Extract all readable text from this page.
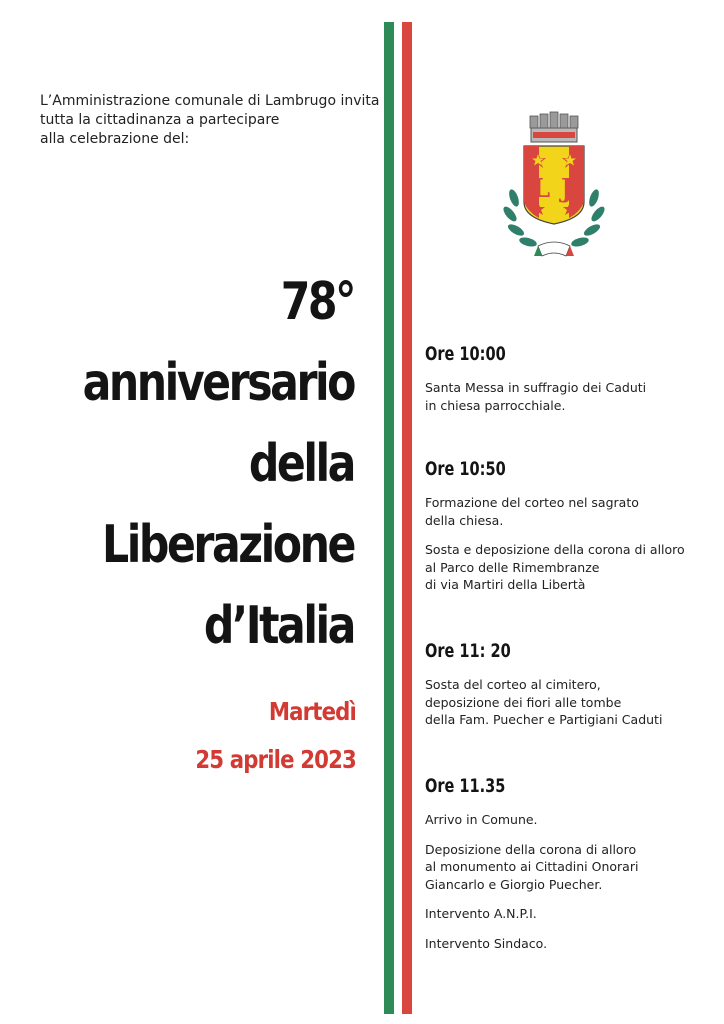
L’Amministrazione comunale di Lambrugo invita
tutta la cittadinanza a partecipare
alla celebrazione del:
78°
anniversario
della
Liberazione
d’Italia
Martedì
25 aprile 2023
L J
Ore 10:00
Santa Messa in suffragio dei Caduti
in chiesa parrocchiale.
Ore 10:50
Formazione del corteo nel sagrato
della chiesa.
Sosta e deposizione della corona di alloro
al Parco delle Rimembranze
di via Martiri della Libertà
Ore 11: 20
Sosta del corteo al cimitero,
deposizione dei fiori alle tombe
della Fam. Puecher e Partigiani Caduti
Ore 11.35
Arrivo in Comune.
Deposizione della corona di alloro
al monumento ai Cittadini Onorari
Giancarlo e Giorgio Puecher.
Intervento A.N.P.I.
Intervento Sindaco.
